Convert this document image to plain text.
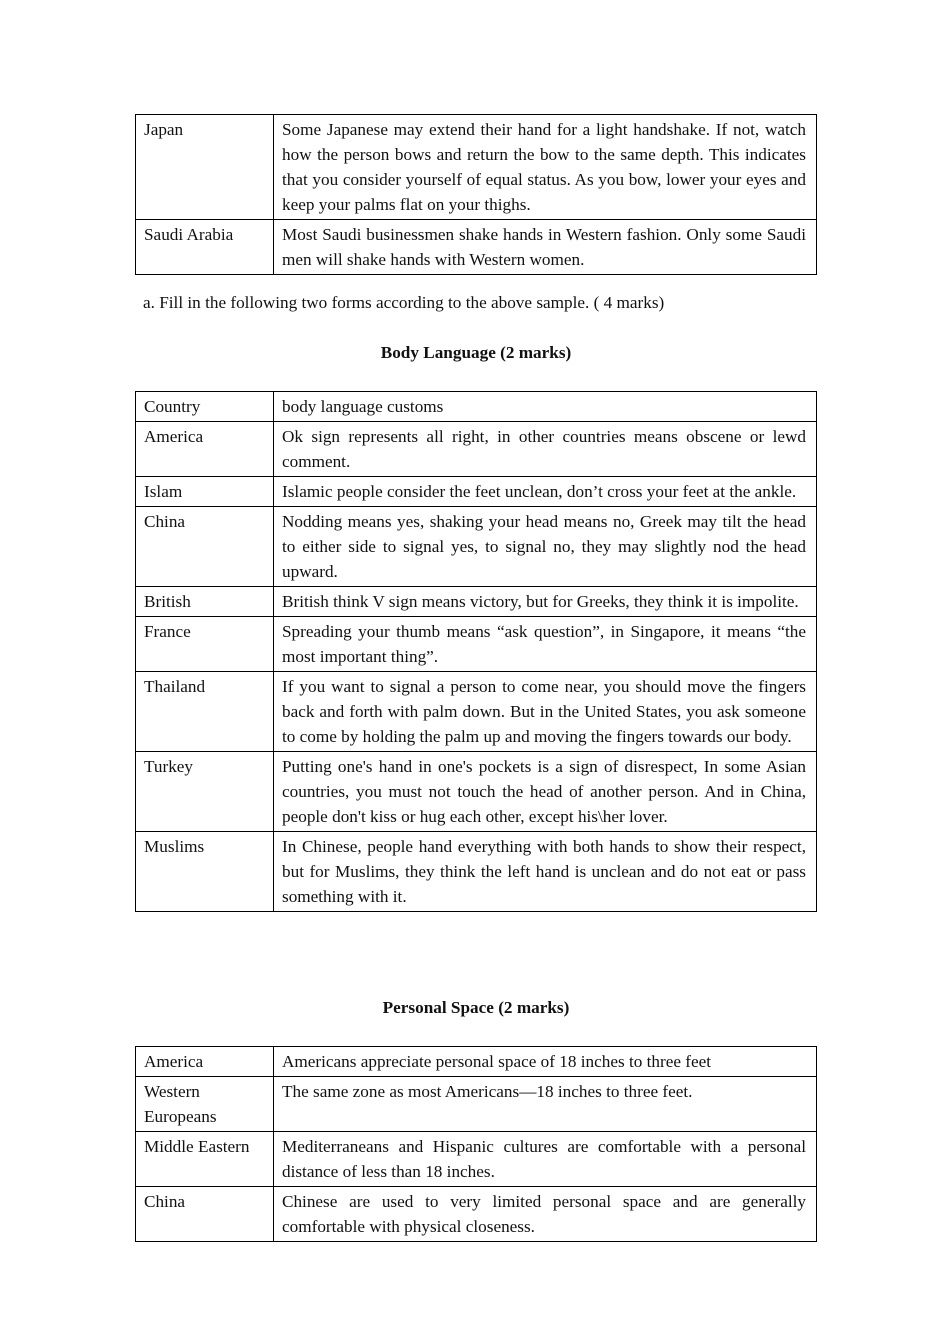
Japan	Some Japanese may extend their hand for a light handshake. If not, watch how the person bows and return the bow to the same depth. This indicates that you consider yourself of equal status. As you bow, lower your eyes and keep your palms flat on your thighs.
Saudi Arabia	Most Saudi businessmen shake hands in Western fashion. Only some Saudi men will shake hands with Western women.
a. Fill in the following two forms according to the above sample. ( 4 marks)
Body Language (2 marks)
Country	body language customs
America	Ok sign represents all right, in other countries means obscene or lewd comment.
Islam	Islamic people consider the feet unclean, don’t cross your feet at the ankle.
China	Nodding means yes, shaking your head means no, Greek may tilt the head to either side to signal yes, to signal no, they may slightly nod the head upward.
British	British think V sign means victory, but for Greeks, they think it is impolite.
France	Spreading your thumb means “ask question”, in Singapore, it means “the most important thing”.
Thailand	If you want to signal a person to come near, you should move the fingers back and forth with palm down. But in the United States, you ask someone to come by holding the palm up and moving the fingers towards our body.
Turkey	Putting one's hand in one's pockets is a sign of disrespect, In some Asian countries, you must not touch the head of another person. And in China, people don't kiss or hug each other, except his\her lover.
Muslims	In Chinese, people hand everything with both hands to show their respect, but for Muslims, they think the left hand is unclean and do not eat or pass something with it.
Personal Space (2 marks)
America	Americans appreciate personal space of 18 inches to three feet
Western Europeans	The same zone as most Americans—18 inches to three feet.
Middle Eastern	Mediterraneans and Hispanic cultures are comfortable with a personal distance of less than 18 inches.
China	Chinese are used to very limited personal space and are generally comfortable with physical closeness.
